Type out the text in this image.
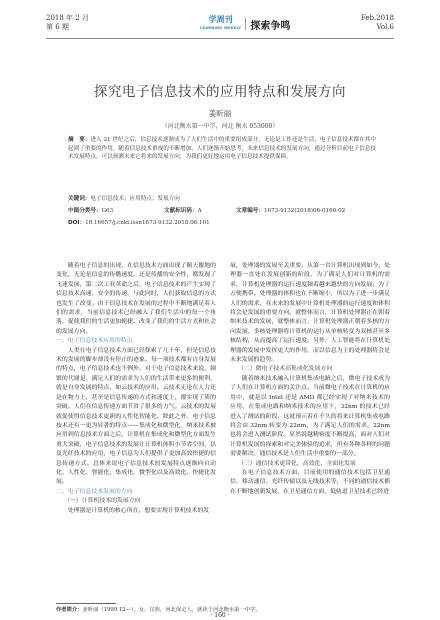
2018 年 2 月
第 6 期
学周刊
LEARNING WEEKLY 探索争鸣
Feb.2018
Vol.6
探究电子信息技术的应用特点和发展方向
姜昕丽
（河北衡水第一中学，河北 衡水 053000）
摘　要：进入 21 世纪之后，信息技术逐渐成为了人们生活中的重要组成部分，无论是工作还是生活，电子信息技术都在其中起到了重要的作用。随着信息技术重视的不断增加，人们逐渐开始思考，未来信息技术的发展方向，通过分析目前电子信息技术发展特点，可以预测未来它将来的发展方向，为我们更好地运用电子信息技术提供保障。
关键词：电子信息技术；应用特点；发展方向
中图分类号：G63	文献标识码：A	文章编号：1673-9132(2018)06-0160-02
DOI：10.16657/j.cnki.issn1673-9132.2018.06.101

随着电子信息的出现，在信息技术方面出现了颠天覆地的变化，无论是信息的传播速度，还是传播的安全性，都发现了飞速发展，第二次工业革命之后，电子信息技术的产生实现了信息技术高速、安全的传递，与此同时，人们获取信息的方式也发生了改变。由于信息技术在发展的过程中不断地满足着人们的需求，当前信息技术已经融入了我们生活中的每一个角落，促使我们的生活更加便捷，改变了我们的生活方式和社会的发展方向。

一、电子信息技术应用的特点

人类在电子信息技术方面已经探索了几十年，但是信息技术的发展的脚步却没有停止的迹象。每一项技术都有自身发展的特点，电子信息技术也不例外。对于电子信息技术来说，频繁的代谢是，满足人们的需求为人们的生活带来更多的便利，就是自身发展的特点，如云技术的应用。云技术无论在人力还是在物力上，甚至是信息传递的方式和速度上，都实现了质的突破。人们在信息传递方面节省了很多的力气。云技术的发展就促使得信息技术更新的人性化智能化。除此之外，电子信息技术还有一更为显著的特点——集成化和微型化。纳米技术被应用到信息技术方面之后，计算机在集成化和微型化方面发生重大突破，电子信息技术的发展让计算机体积小节省空间，以及光纤技术的应用，电子信息为人们提供了更加高效快捷的信息传递方式。总体来说电子信息技术的发展特点逐渐向自动化、人性化、智能化、集成化、微型化以及高效化、快捷化发展。

二、电子信息技术发展的方向
（一）计算机技术的发展方向

处理器是计算机的核心所在，想要实现计算机技术的发

展，处理器的发展至关重要。从第一台计算机出现到如今，处理器一直处在发展创新的阶段，为了满足人们对计算机的需求，计算机处理器的运行速度频着越来越快的方向发展，为了方便携带，处理器的体积也在不断缩小，所以为了进一步满足人们的需求，在未来的发展中计算机处理器的运行速度和体积将会是发展的重要方向。就整体而言，计算机处理器正在朝着纳米技术的发展，就整体而言，计算机处理器正朝着多核的方向发展，多核处理器将计算机的运行从单核转变为双核甚至多核结构，从而提高了运行速度。另外，人工智能将在计算机处理器的发展中发挥更大的作用，而以信息为主的处理器将会是未来发展的趋势。

（二）微电子技术高集成化发展方向

随着纳米技术融入计算机集成电路之后，微电子技术成为了人们在计算机方面的关注点。当前微电子技术在计算机的应用中，就是以 Intel 还是 AMD 都已经实现了对纳米技术的应用，在集成电路和纳米技术的应用下，32nm 的技术已经进入了测试的阶段，这就预示着在不久的将来计算机集成电路将会由 32nm 转变为 22nm，为了满足人们的需求，22nm 也将会进入测试阶段。显然说越精密度不断提高，面对人们对计算机发展的探索和对完美体验的追求，但有各种各样的问题需要解决。通信技术是人们生活中重要的一部分。

（三）通信技术更带化，高效化，全面化发展

在电子信息技术方面，目前使用的通信技术包括卫星通信、移动通信、光纤传输以及无线技术等，不同的通信技术都在不断地创新发展，在卫星通信方面，低轨道卫星技术已经进

作者简介：姜昕丽（1999.12—），女，汉族，河北保定人，就读于河北衡水第一中学。
· 160 ·
